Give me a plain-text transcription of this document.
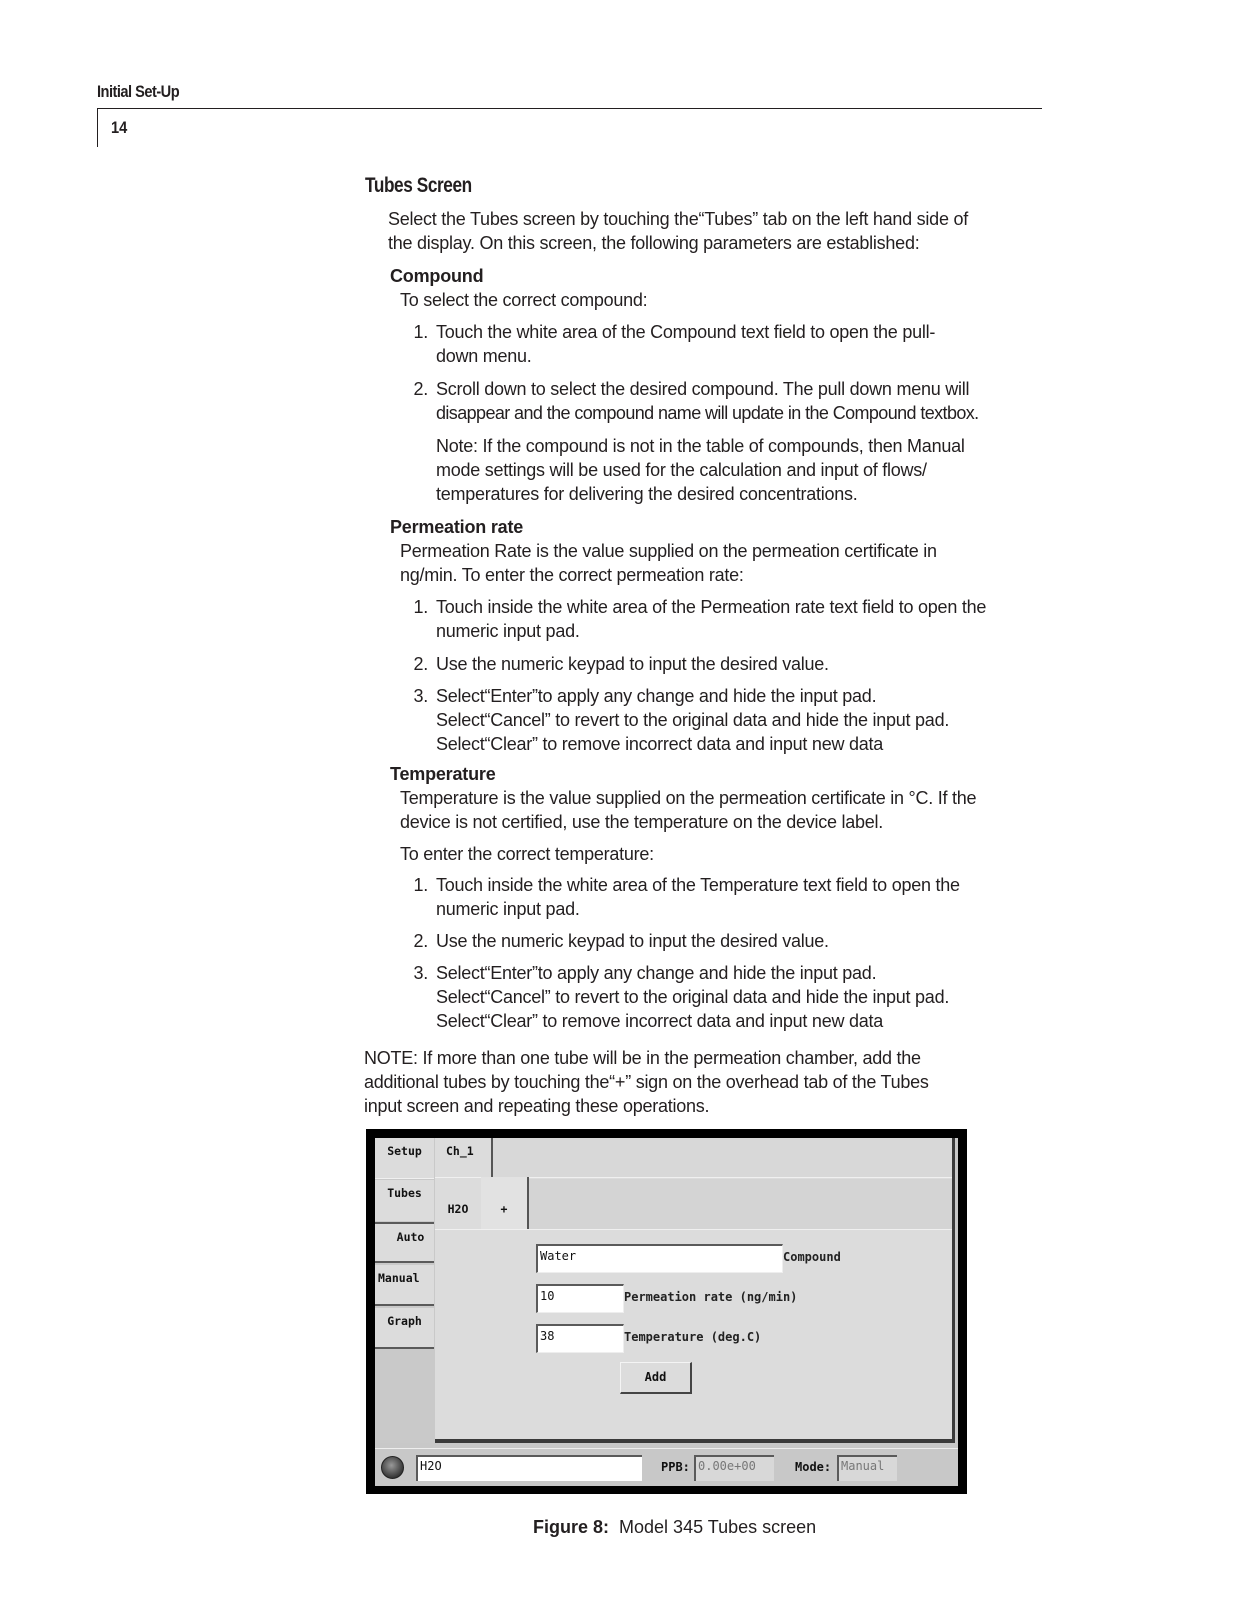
Initial Set-Up
14
Tubes Screen
Select the Tubes screen by touching the“Tubes” tab on the left hand side of
the display. On this screen, the following parameters are established:
Compound
To select the correct compound:
1. Touch the white area of the Compound text field to open the pull-
down menu.
2. Scroll down to select the desired compound. The pull down menu will
disappear and the compound name will update in the Compound textbox.
Note: If the compound is not in the table of compounds, then Manual
mode settings will be used for the calculation and input of flows/
temperatures for delivering the desired concentrations.
Permeation rate
Permeation Rate is the value supplied on the permeation certificate in
ng/min. To enter the correct permeation rate:
1. Touch inside the white area of the Permeation rate text field to open the
numeric input pad.
2. Use the numeric keypad to input the desired value.
3. Select“Enter”to apply any change and hide the input pad.
Select“Cancel” to revert to the original data and hide the input pad.
Select“Clear” to remove incorrect data and input new data
Temperature
Temperature is the value supplied on the permeation certificate in °C. If the
device is not certified, use the temperature on the device label.
To enter the correct temperature:
1. Touch inside the white area of the Temperature text field to open the
numeric input pad.
2. Use the numeric keypad to input the desired value.
3. Select“Enter”to apply any change and hide the input pad.
Select“Cancel” to revert to the original data and hide the input pad.
Select“Clear” to remove incorrect data and input new data
NOTE: If more than one tube will be in the permeation chamber, add the
additional tubes by touching the“+” sign on the overhead tab of the Tubes
input screen and repeating these operations.
Setup
Tubes
Auto
Manual
Graph
Ch_1
H2O	+
Water	Compound
10	Permeation rate (ng/min)
38	Temperature (deg.C)
Add
H2O	PPB: 0.00e+00	Mode: Manual
Figure 8: Model 345 Tubes screen
